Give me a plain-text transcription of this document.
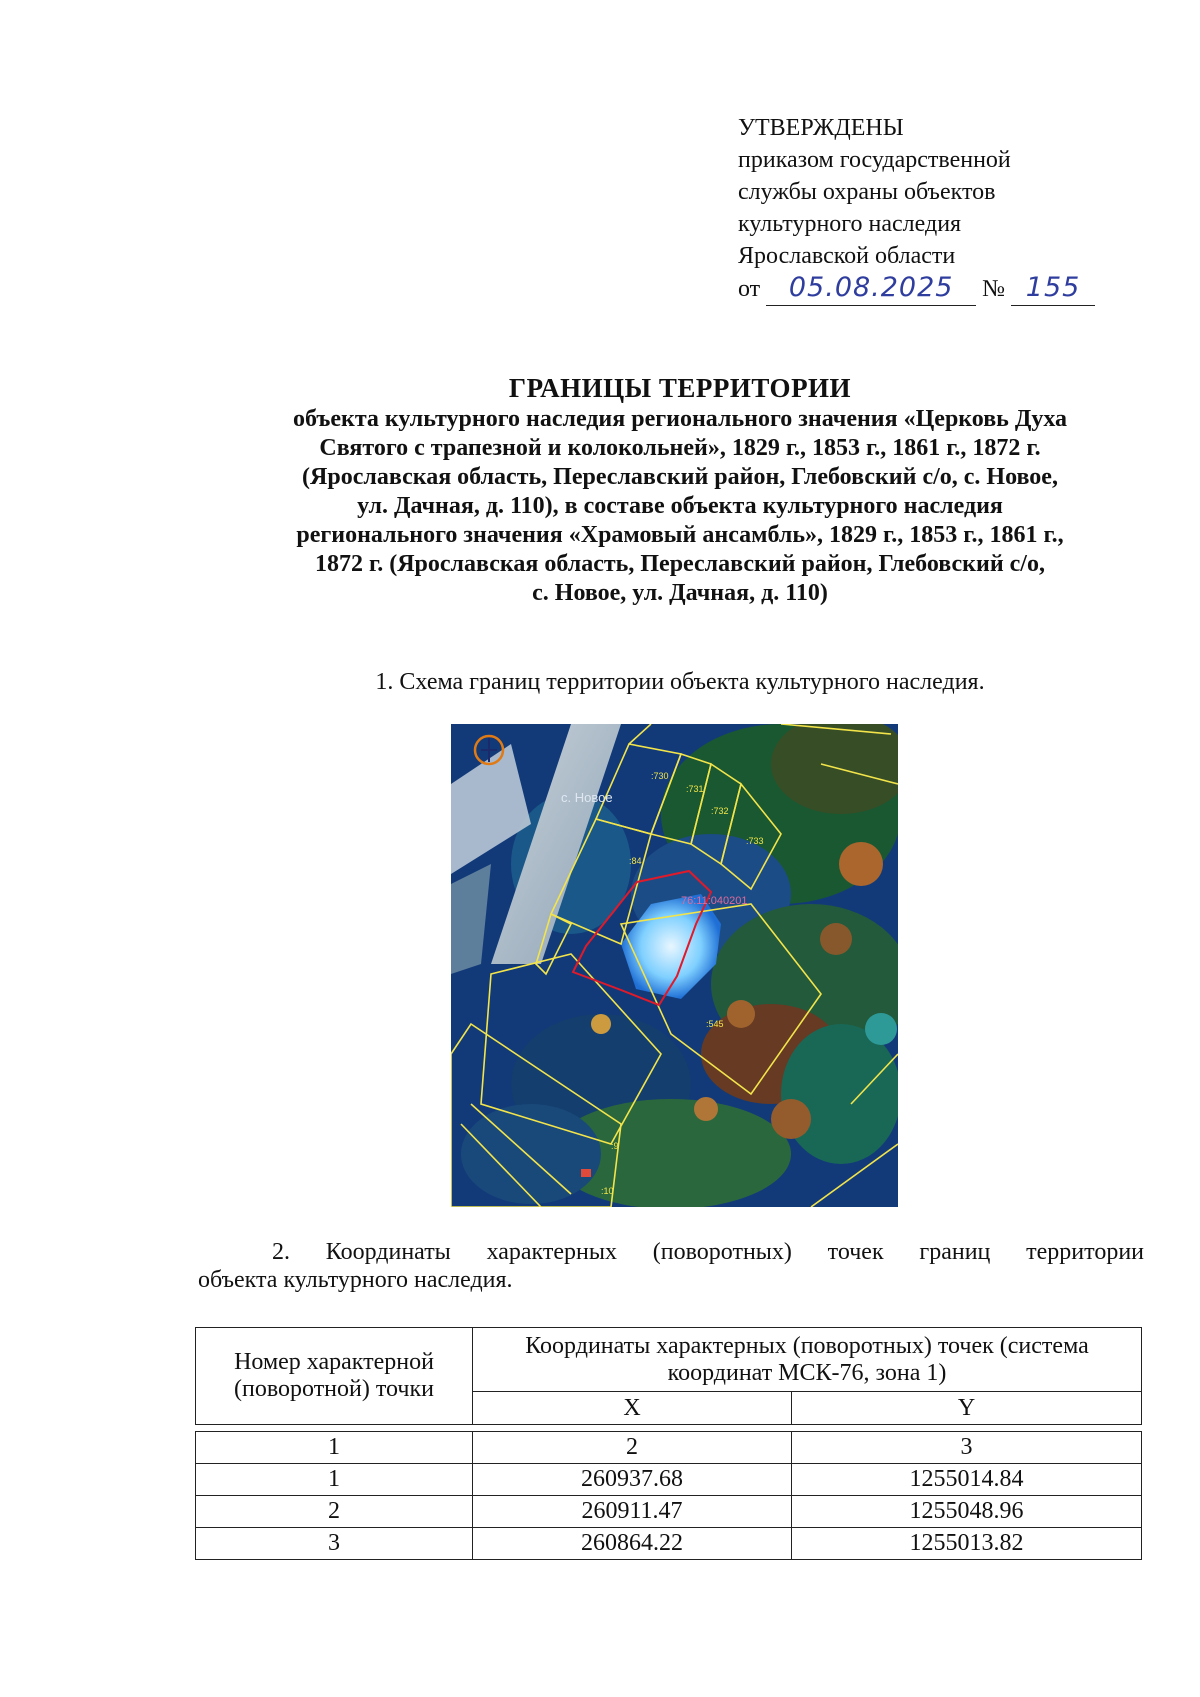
УТВЕРЖДЕНЫ
приказом государственной
службы охраны объектов
культурного наследия
Ярославской области
от 05.08.2025 № 155
ГРАНИЦЫ ТЕРРИТОРИИ
объекта культурного наследия регионального значения «Церковь Духа
Святого с трапезной и колокольней», 1829 г., 1853 г., 1861 г., 1872 г.
(Ярославская область, Переславский район, Глебовский с/о, с. Новое,
ул. Дачная, д. 110), в составе объекта культурного наследия
регионального значения «Храмовый ансамбль», 1829 г., 1853 г., 1861 г.,
1872 г. (Ярославская область, Переславский район, Глебовский с/о,
с. Новое, ул. Дачная, д. 110)
1. Схема границ территории объекта культурного наследия.
с. Новое
76:11:040201
:730
:731
:732
:733
:84
:545
:9
:10
2. Координаты характерных (поворотных) точек границ территории
объекта культурного наследия.
Номер характерной (поворотной) точки	Координаты характерных (поворотных) точек (система координат МСК-76, зона 1)	
	X	Y

1	2	3
1	260937.68	1255014.84
2	260911.47	1255048.96
3	260864.22	1255013.82
